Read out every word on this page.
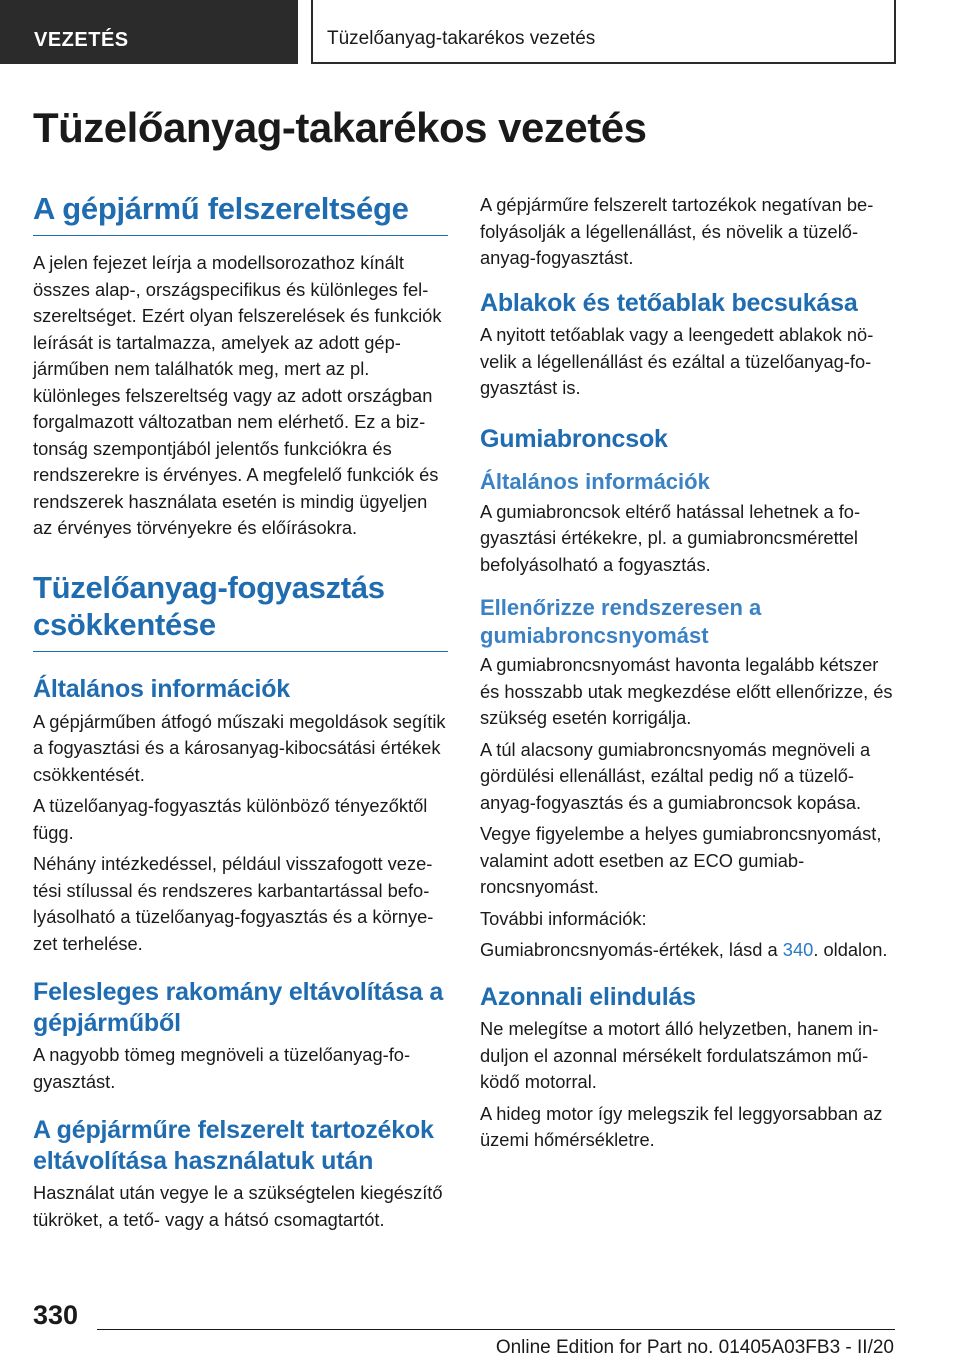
VEZETÉS	Tüzelőanyag-takarékos vezetés
Tüzelőanyag-takarékos vezetés
A gépjármű felszereltsége

A jelen fejezet leírja a modellsorozathoz kínált összes alap-, országspecifikus és különleges felszereltséget. Ezért olyan felszerelések és funkciók leírását is tartalmazza, amelyek az adott gépjárműben nem találhatók meg, mert az pl. különleges felszereltség vagy az adott országban forgalmazott változatban nem elérhető. Ez a biztonság szempontjából jelentős funkciókra és rendszerekre is érvényes. A megfelelő funkciók és rendszerek használata esetén is mindig ügyeljen az érvényes törvényekre és előírásokra.

Tüzelőanyag-fogyasztás csökkentése
Általános információk

A gépjárműben átfogó műszaki megoldások segítik a fogyasztási és a károsanyag-kibocsátási értékek csökkentését.

A tüzelőanyag-fogyasztás különböző tényezőktől függ.

Néhány intézkedéssel, például visszafogott vezetési stílussal és rendszeres karbantartással befolyásolható a tüzelőanyag-fogyasztás és a környezet terhelése.

Felesleges rakomány eltávolítása a gépjárműből

A nagyobb tömeg megnöveli a tüzelőanyag-fogyasztást.

A gépjárműre felszerelt tartozékok eltávolítása használatuk után

Használat után vegye le a szükségtelen kiegészítő tükröket, a tető- vagy a hátsó csomagtartót.

A gépjárműre felszerelt tartozékok negatívan befolyásolják a légellenállást, és növelik a tüzelőanyag-fogyasztást.

Ablakok és tetőablak becsukása

A nyitott tetőablak vagy a leengedett ablakok növelik a légellenállást és ezáltal a tüzelőanyag-fogyasztást is.

Gumiabroncsok
Általános információk

A gumiabroncsok eltérő hatással lehetnek a fogyasztási értékekre, pl. a gumiabroncsmérettel befolyásolható a fogyasztás.

Ellenőrizze rendszeresen a gumiabroncsnyomást

A gumiabroncsnyomást havonta legalább kétszer és hosszabb utak megkezdése előtt ellenőrizze, és szükség esetén korrigálja.

A túl alacsony gumiabroncsnyomás megnöveli a gördülési ellenállást, ezáltal pedig nő a tüzelőanyag-fogyasztás és a gumiabroncsok kopása.

Vegye figyelembe a helyes gumiabroncsnyomást, valamint adott esetben az ECO gumiabroncsnyomást.

További információk:

Gumiabroncsnyomás-értékek, lásd a 340. oldalon.

Azonnali elindulás

Ne melegítse a motort álló helyzetben, hanem induljon el azonnal mérsékelt fordulatszámon működő motorral.

A hideg motor így melegszik fel leggyorsabban az üzemi hőmérsékletre.

330
Online Edition for Part no. 01405A03FB3 - II/20
